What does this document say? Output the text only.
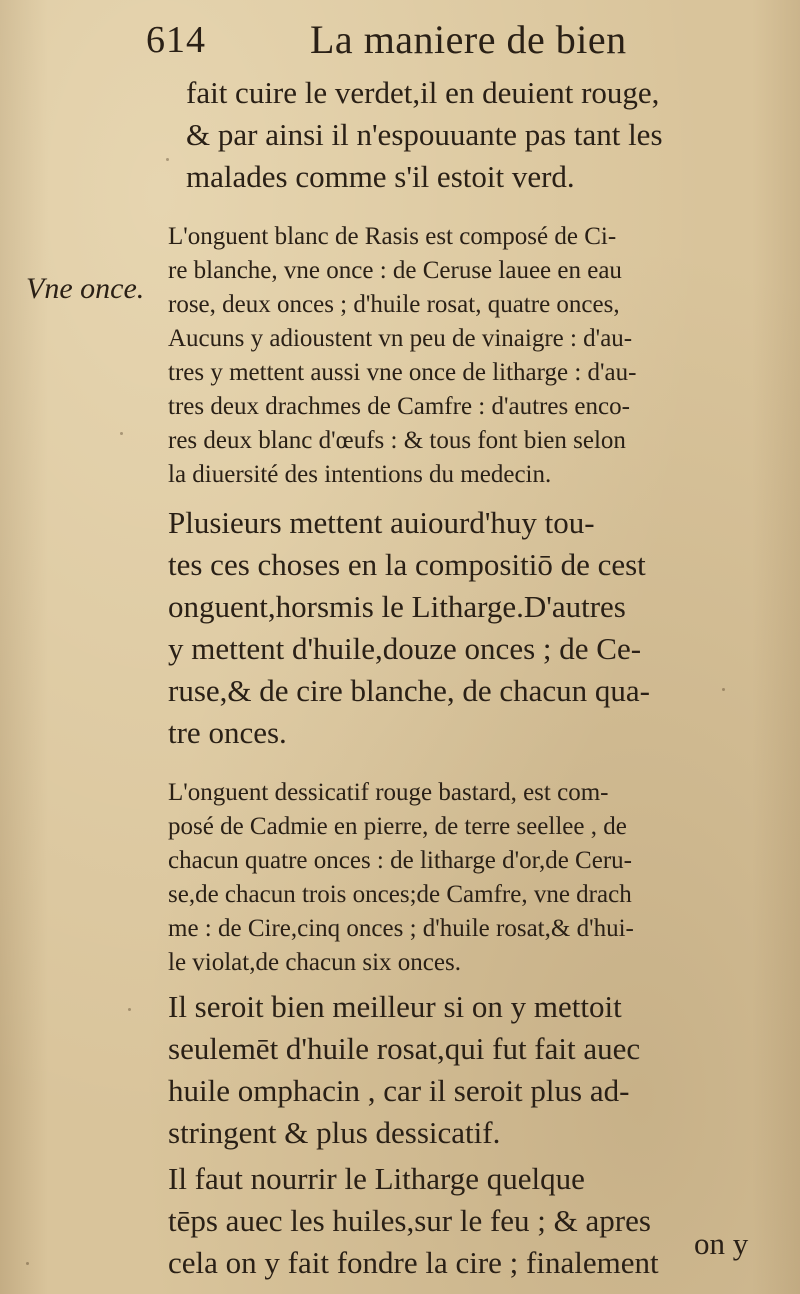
614	La maniere de bien
Vne once.
fait cuire le verdet,il en deuient rouge,
& par ainsi il n'espouuante pas tant les
malades comme s'il estoit verd.
L'onguent blanc de Rasis est composé de Ci-
re blanche, vne once : de Ceruse lauee en eau
rose, deux onces ; d'huile rosat, quatre onces,
Aucuns y adioustent vn peu de vinaigre : d'au-
tres y mettent aussi vne once de litharge : d'au-
tres deux drachmes de Camfre : d'autres enco-
res deux blanc d'œufs : & tous font bien selon
la diuersité des intentions du medecin.
Plusieurs mettent auiourd'huy tou-
tes ces choses en la compositiō de cest
onguent,horsmis le Litharge.D'autres
y mettent d'huile,douze onces ; de Ce-
ruse,& de cire blanche, de chacun qua-
tre onces.
L'onguent dessicatif rouge bastard, est com-
posé de Cadmie en pierre, de terre seellee , de
chacun quatre onces : de litharge d'or,de Ceru-
se,de chacun trois onces;de Camfre, vne drach
me : de Cire,cinq onces ; d'huile rosat,& d'hui-
le violat,de chacun six onces.
Il seroit bien meilleur si on y mettoit
seulemēt d'huile rosat,qui fut fait auec
huile omphacin , car il seroit plus ad-
stringent & plus dessicatif.
Il faut nourrir le Litharge quelque
tēps auec les huiles,sur le feu ; & apres
cela on y fait fondre la cire ; finalement
on y
